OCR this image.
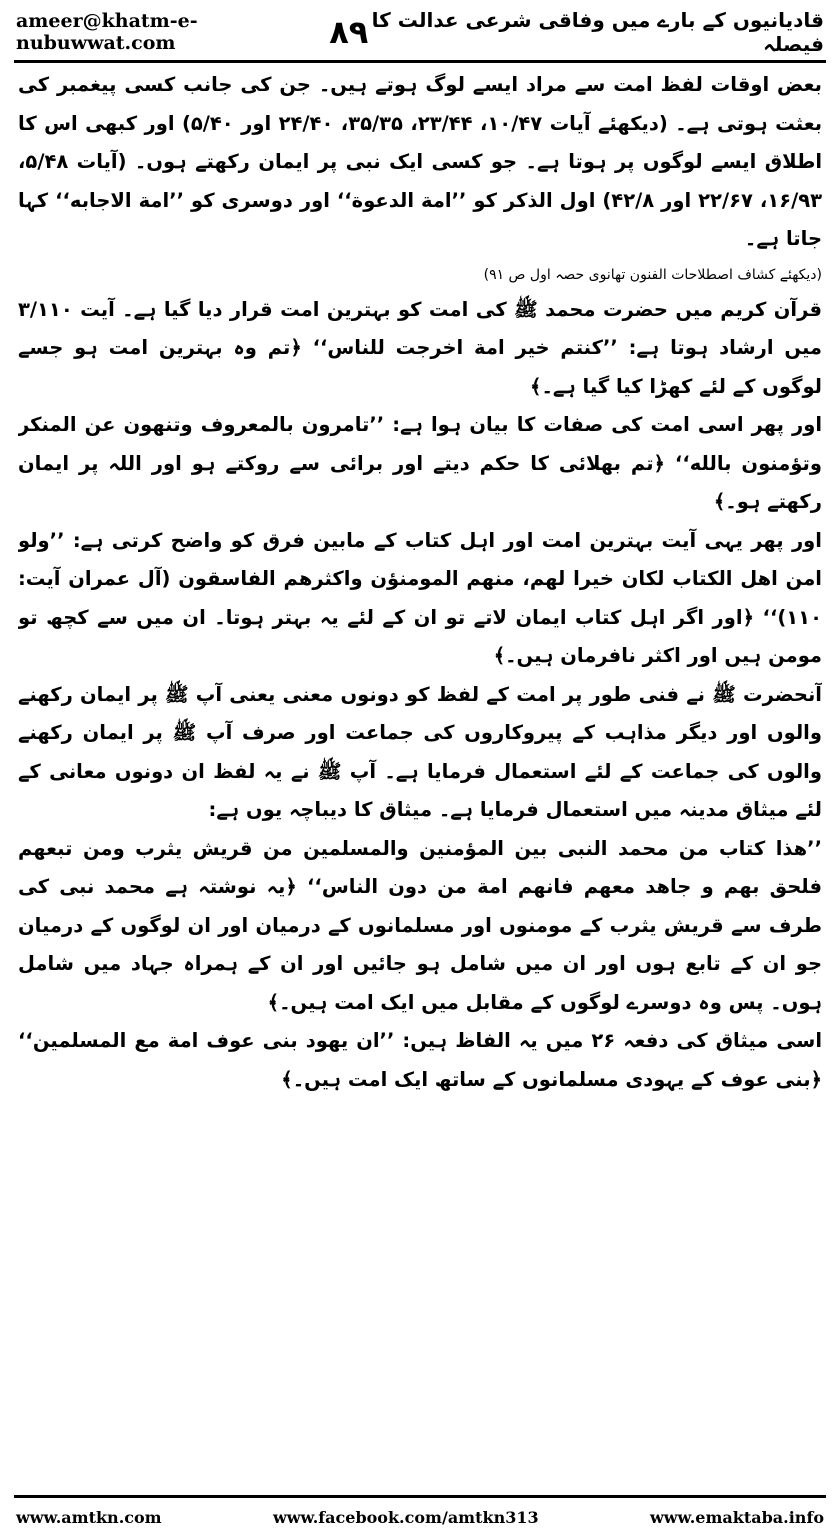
ameer@khatm-e-nubuwwat.com	۸۹ قادیانیوں کے بارے میں وفاقی شرعی عدالت کا فیصلہ

بعض اوقات لفظ امت سے مراد ایسے لوگ ہوتے ہیں۔ جن کی جانب کسی پیغمبر کی بعثت ہوتی ہے۔ (دیکھئے آیات ۱۰/۴۷، ۲۳/۴۴، ۳۵/۳۵، ۲۴/۴۰ اور ۵/۴۰) اور کبھی اس کا اطلاق ایسے لوگوں پر ہوتا ہے۔ جو کسی ایک نبی پر ایمان رکھتے ہوں۔ (آیات ۵/۴۸، ۱۶/۹۳، ۲۲/۶۷ اور ۴۲/۸) اول الذکر کو ’’امة الدعوة‘‘ اور دوسری کو ’’امة الاجابه‘‘ کہا جاتا ہے۔

(دیکھئے کشاف اصطلاحات الفنون تھانوی حصہ اول ص ۹۱)

قرآن کریم میں حضرت محمد ﷺ کی امت کو بہترین امت قرار دیا گیا ہے۔ آیت ۳/۱۱۰ میں ارشاد ہوتا ہے: ’’کنتم خیر امة اخرجت للناس‘‘ ﴿تم وہ بہترین امت ہو جسے لوگوں کے لئے کھڑا کیا گیا ہے۔﴾

اور پھر اسی امت کی صفات کا بیان ہوا ہے: ’’تامرون بالمعروف وتنهون عن المنكر وتؤمنون بالله‘‘ ﴿تم بھلائی کا حکم دیتے اور برائی سے روکتے ہو اور اللہ پر ایمان رکھتے ہو۔﴾

اور پھر یہی آیت بہترین امت اور اہل کتاب کے مابین فرق کو واضح کرتی ہے: ’’ولو امن اهل الكتاب لكان خيرا لهم، منهم المومنؤن واكثرهم الفاسقون (آل عمران آیت: ۱۱۰)‘‘ ﴿اور اگر اہل کتاب ایمان لاتے تو ان کے لئے یہ بہتر ہوتا۔ ان میں سے کچھ تو مومن ہیں اور اکثر نافرمان ہیں۔﴾

آنحضرت ﷺ نے فنی طور پر امت کے لفظ کو دونوں معنی یعنی آپ ﷺ پر ایمان رکھنے والوں اور دیگر مذاہب کے پیروکاروں کی جماعت اور صرف آپ ﷺ پر ایمان رکھنے والوں کی جماعت کے لئے استعمال فرمایا ہے۔ آپ ﷺ نے یہ لفظ ان دونوں معانی کے لئے میثاق مدینہ میں استعمال فرمایا ہے۔ میثاق کا دیباچہ یوں ہے:

’’هذا كتاب من محمد النبى بين المؤمنين والمسلمين من قريش يثرب ومن تبعهم فلحق بهم و جاهد معهم فانهم امة من دون الناس‘‘ ﴿یہ نوشتہ ہے محمد نبی کی طرف سے قریش یثرب کے مومنوں اور مسلمانوں کے درمیان اور ان لوگوں کے درمیان جو ان کے تابع ہوں اور ان میں شامل ہو جائیں اور ان کے ہمراہ جہاد میں شامل ہوں۔ پس وہ دوسرے لوگوں کے مقابل میں ایک امت ہیں۔﴾

اسی میثاق کی دفعہ ۲۶ میں یہ الفاظ ہیں: ’’ان يهود بنى عوف امة مع المسلمين‘‘ ﴿بنی عوف کے یہودی مسلمانوں کے ساتھ ایک امت ہیں۔﴾

www.amtkn.com	www.facebook.com/amtkn313	www.emaktaba.info
